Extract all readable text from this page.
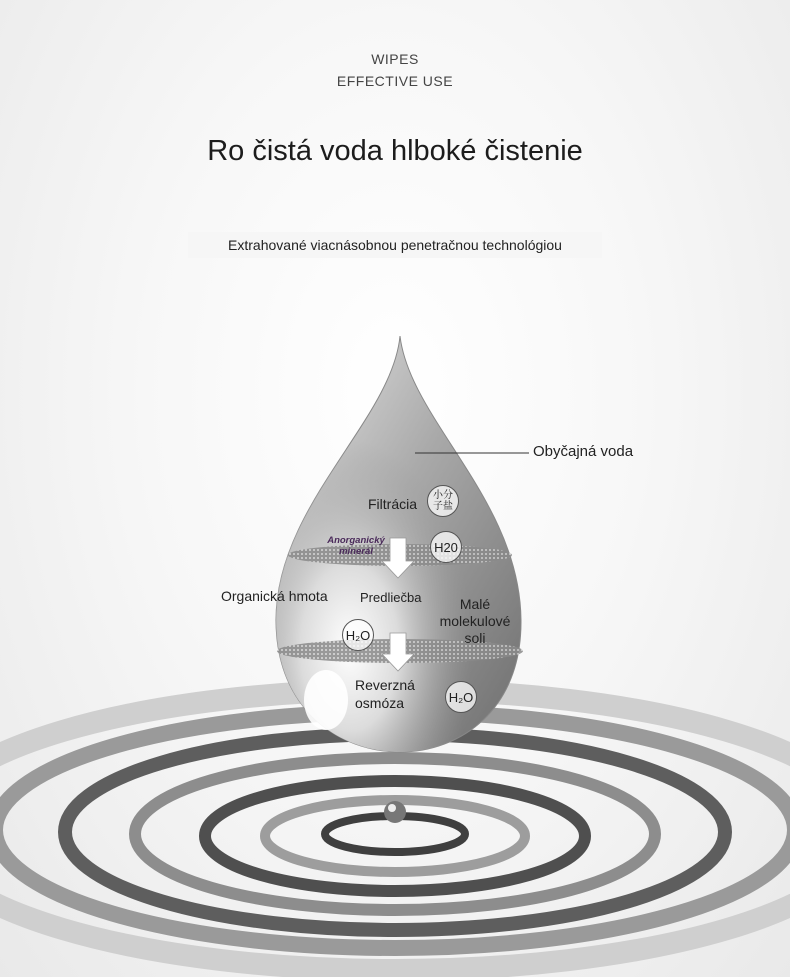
WIPES
EFFECTIVE USE
Ro čistá voda hlboké čistenie
Extrahované viacnásobnou penetračnou technológiou
Obyčajná voda
Filtrácia
小分
子盐
H20
Anorganický
minerál
Organická hmota Predliečba	Malé
molekulové
soli
H₂O
Reverzná
osmóza	H₂O
